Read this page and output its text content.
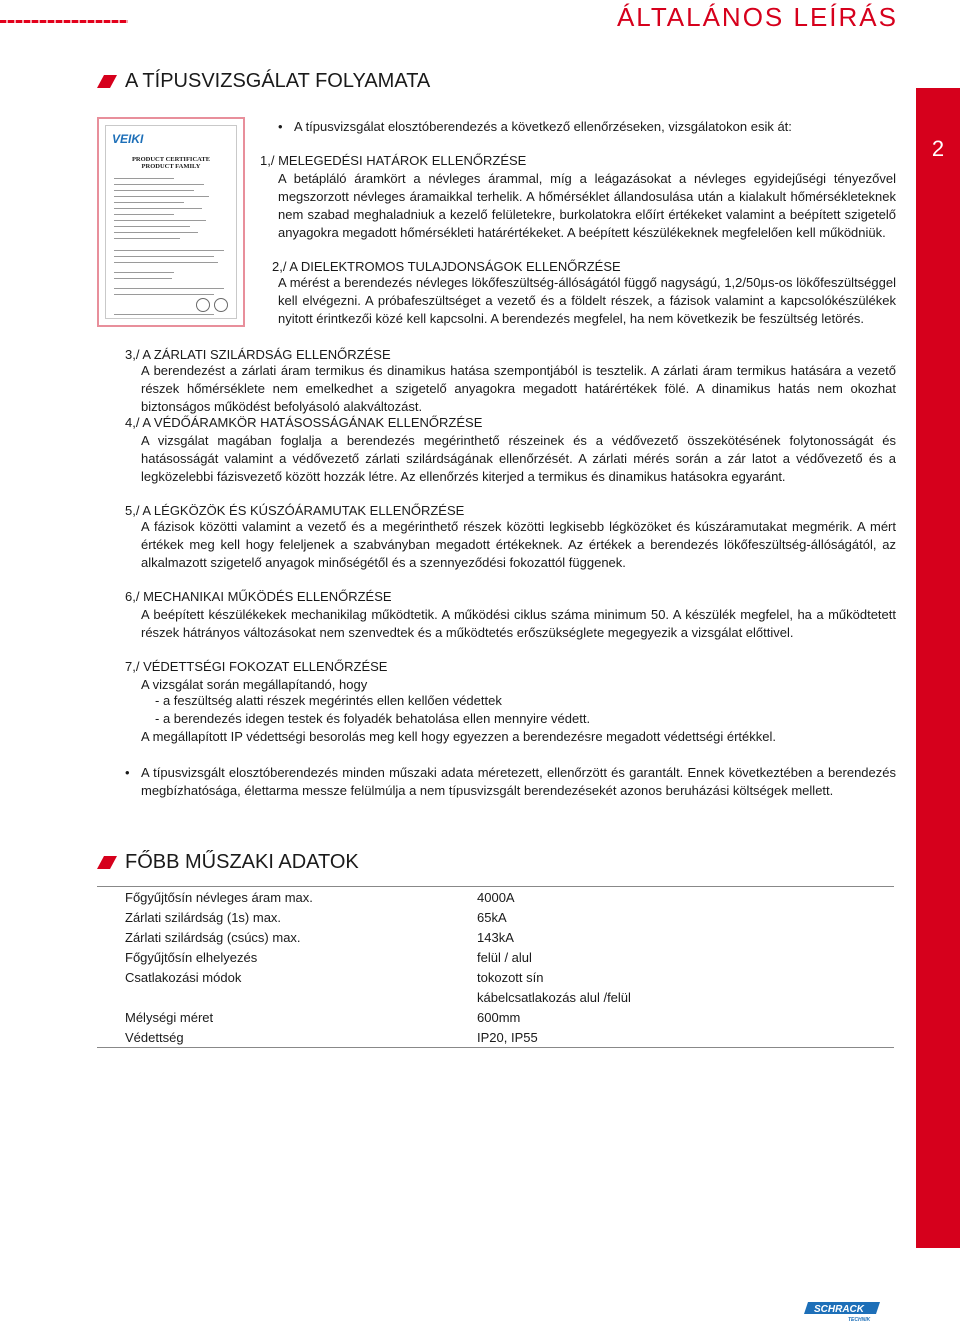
ÁLTALÁNOS LEÍRÁS
2
A TÍPUSVIZSGÁLAT FOLYAMATA
VEIKI
PRODUCT CERTIFICATE
PRODUCT FAMILY
• A típusvizsgálat elosztóberendezés a következő ellenőrzéseken, vizsgálatokon esik át:
1,/ MELEGEDÉSI HATÁROK ELLENŐRZÉSE
A betápláló áramkört a névleges árammal, míg a leágazásokat a névleges egyidejűségi tényezővel megszorzott névleges áramaikkal terhelik. A hőmérséklet állandosulása után a kialakult hőmérsékleteknek nem szabad meghaladniuk a kezelő felületekre, burkolatokra előírt értékeket valamint a beépített szigetelő anyagokra megadott hőmérsékleti határértékeket. A beépített készülékeknek megfelelően kell működniük.
2,/ A DIELEKTROMOS TULAJDONSÁGOK ELLENŐRZÉSE
A mérést a berendezés névleges lökőfeszültség-állóságától függő nagyságú, 1,2/50μs-os lökőfeszültséggel kell elvégezni. A próbafeszültséget a vezető és a földelt részek, a fázisok valamint a kapcsolókészülékek nyitott érintkezői közé kell kapcsolni. A berendezés megfelel, ha nem következik be feszültség letörés.
3,/ A ZÁRLATI SZILÁRDSÁG ELLENŐRZÉSE
A berendezést a zárlati áram termikus és dinamikus hatása szempontjából is tesztelik. A zárlati áram termikus hatására a vezető részek hőmérséklete nem emelkedhet a szigetelő anyagokra megadott határértékek fölé. A dinamikus hatás nem okozhat biztonságos működést befolyásoló alakváltozást.
4,/ A VÉDŐÁRAMKÖR HATÁSOSSÁGÁNAK ELLENŐRZÉSE
A vizsgálat magában foglalja a berendezés megérinthető részeinek és a védővezető összekötésének folytonosságát és hatásosságát valamint a védővezető zárlati szilárdságának ellenőrzését. A zárlati mérés során a zár latot a védővezető és a legközelebbi fázisvezető között hozzák létre. Az ellenőrzés kiterjed a termikus és dinamikus hatásokra egyaránt.
5,/ A LÉGKÖZÖK ÉS KÚSZÓÁRAMUTAK ELLENŐRZÉSE
A fázisok közötti valamint a vezető és a megérinthető részek közötti legkisebb légközöket és kúszáramutakat megmérik. A mért értékek meg kell hogy feleljenek a szabványban megadott értékeknek. Az értékek a berendezés lökőfeszültség-állóságától, az alkalmazott szigetelő anyagok minőségétől és a szennyeződési fokozattól függenek.
6,/ MECHANIKAI MŰKÖDÉS ELLENŐRZÉSE
A beépített készülékekek mechanikilag működtetik. A működési ciklus száma minimum 50. A készülék megfelel, ha a működtetett részek hátrányos változásokat nem szenvedtek és a működtetés erőszükséglete megegyezik a vizsgálat előttivel.
7,/ VÉDETTSÉGI FOKOZAT ELLENŐRZÉSE
A vizsgálat során megállapítandó, hogy
- a feszültség alatti részek megérintés ellen kellően védettek
- a berendezés idegen testek és folyadék behatolása ellen mennyire védett.
A megállapított IP védettségi besorolás meg kell hogy egyezzen a berendezésre megadott védettségi értékkel.
• A típusvizsgált elosztóberendezés minden műszaki adata méretezett, ellenőrzött és garantált. Ennek következtében a berendezés megbízhatósága, élettarma messze felülmúlja a nem típusvizsgált berendezésekét azonos beruházási költségek mellett.
FŐBB MŰSZAKI ADATOK
Főgyűjtősín névleges áram max.	4000A
Zárlati szilárdság (1s) max.	65kA
Zárlati szilárdság (csúcs) max.	143kA
Főgyűjtősín elhelyezés	felül / alul
Csatlakozási módok	tokozott sín
	kábelcsatlakozás alul /felül
Mélységi méret	600mm
Védettség	IP20, IP55
SCHRACK
TECHNIK
